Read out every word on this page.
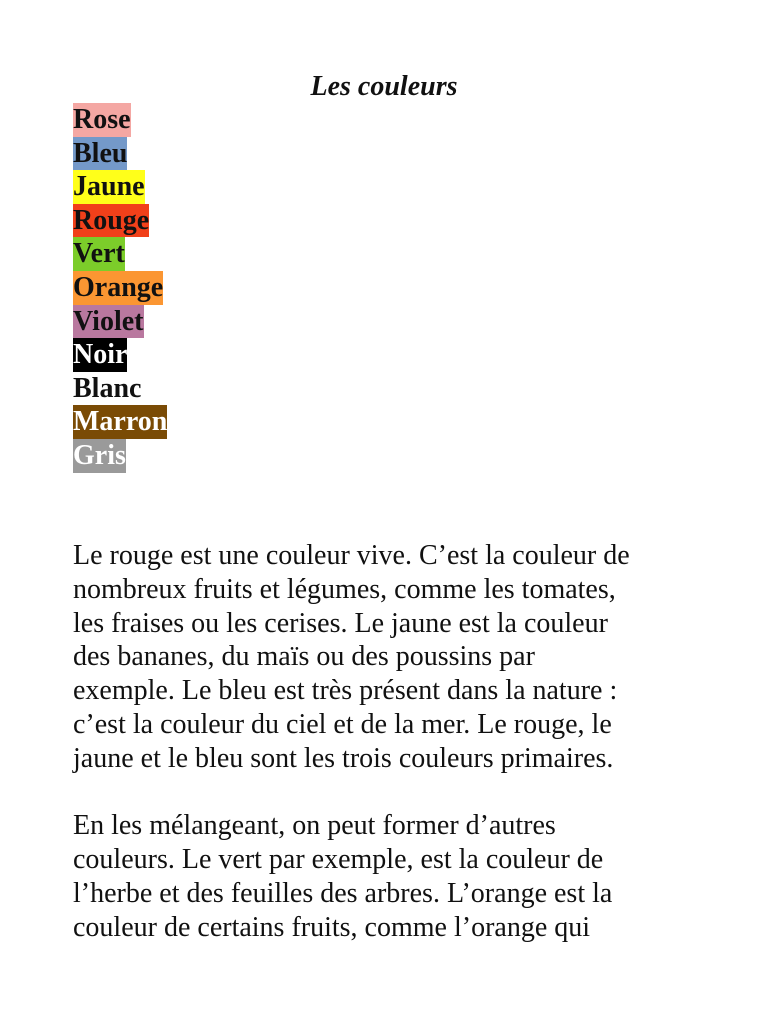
Les couleurs
Rose
Bleu
Jaune
Rouge
Vert
Orange
Violet
Noir
Blanc
Marron
Gris

Le rouge est une couleur vive. C’est la couleur de
nombreux fruits et légumes, comme les tomates,
les fraises ou les cerises. Le jaune est la couleur
des bananes, du maïs ou des poussins par
exemple. Le bleu est très présent dans la nature :
c’est la couleur du ciel et de la mer. Le rouge, le
jaune et le bleu sont les trois couleurs primaires.

En les mélangeant, on peut former d’autres
couleurs. Le vert par exemple, est la couleur de
l’herbe et des feuilles des arbres. L’orange est la
couleur de certains fruits, comme l’orange qui
